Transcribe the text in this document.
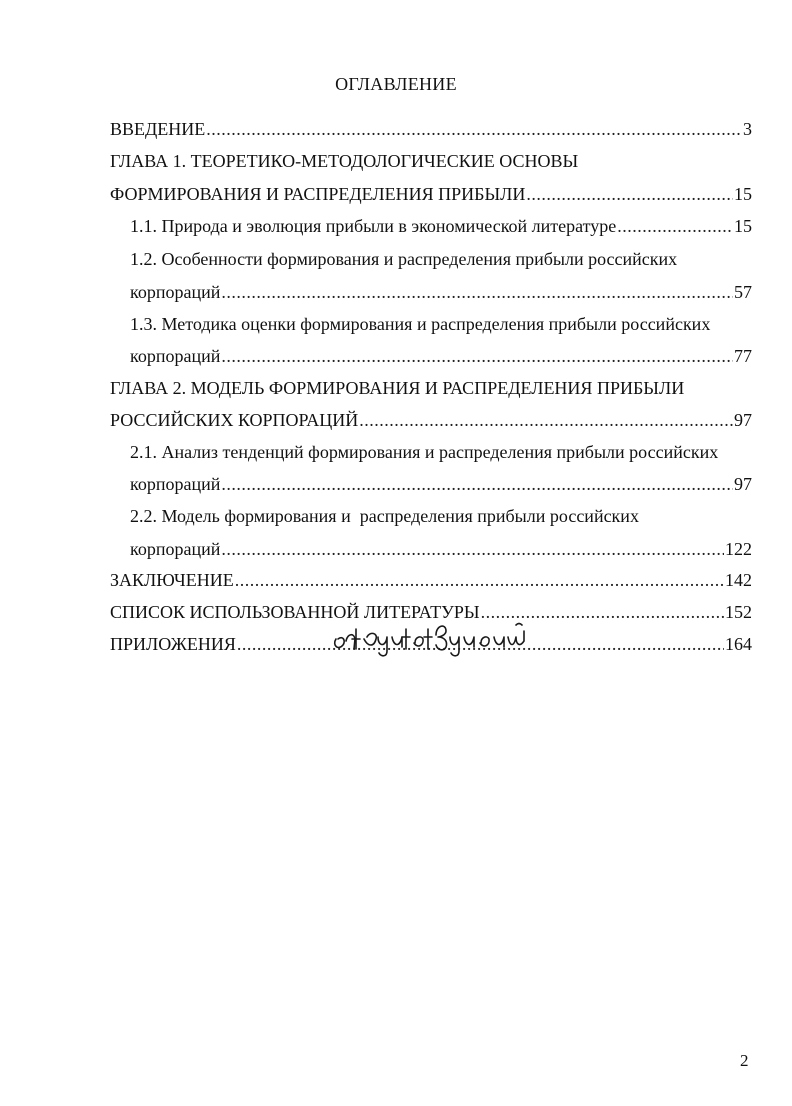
ОГЛАВЛЕНИЕ
ВВЕДЕНИЕ .....	3
ГЛАВА 1. ТЕОРЕТИКО-МЕТОДОЛОГИЧЕСКИЕ ОСНОВЫ
ФОРМИРОВАНИЯ И РАСПРЕДЕЛЕНИЯ ПРИБЫЛИ .....	15
1.1. Природа и эволюция прибыли в экономической литературе .....	15
1.2. Особенности формирования и распределения прибыли российских
корпораций .....	57
1.3. Методика оценки формирования и распределения прибыли российских
корпораций .....	77
ГЛАВА 2. МОДЕЛЬ ФОРМИРОВАНИЯ И РАСПРЕДЕЛЕНИЯ ПРИБЫЛИ
РОССИЙСКИХ КОРПОРАЦИЙ .....	97
2.1. Анализ тенденций формирования и распределения прибыли российских
корпораций .....	97
2.2. Модель формирования и  распределения прибыли российских
корпораций .....	122
ЗАКЛЮЧЕНИЕ .....	142
СПИСОК ИСПОЛЬЗОВАННОЙ ЛИТЕРАТУРЫ .....	152
ПРИЛОЖЕНИЯ .....	164
2
